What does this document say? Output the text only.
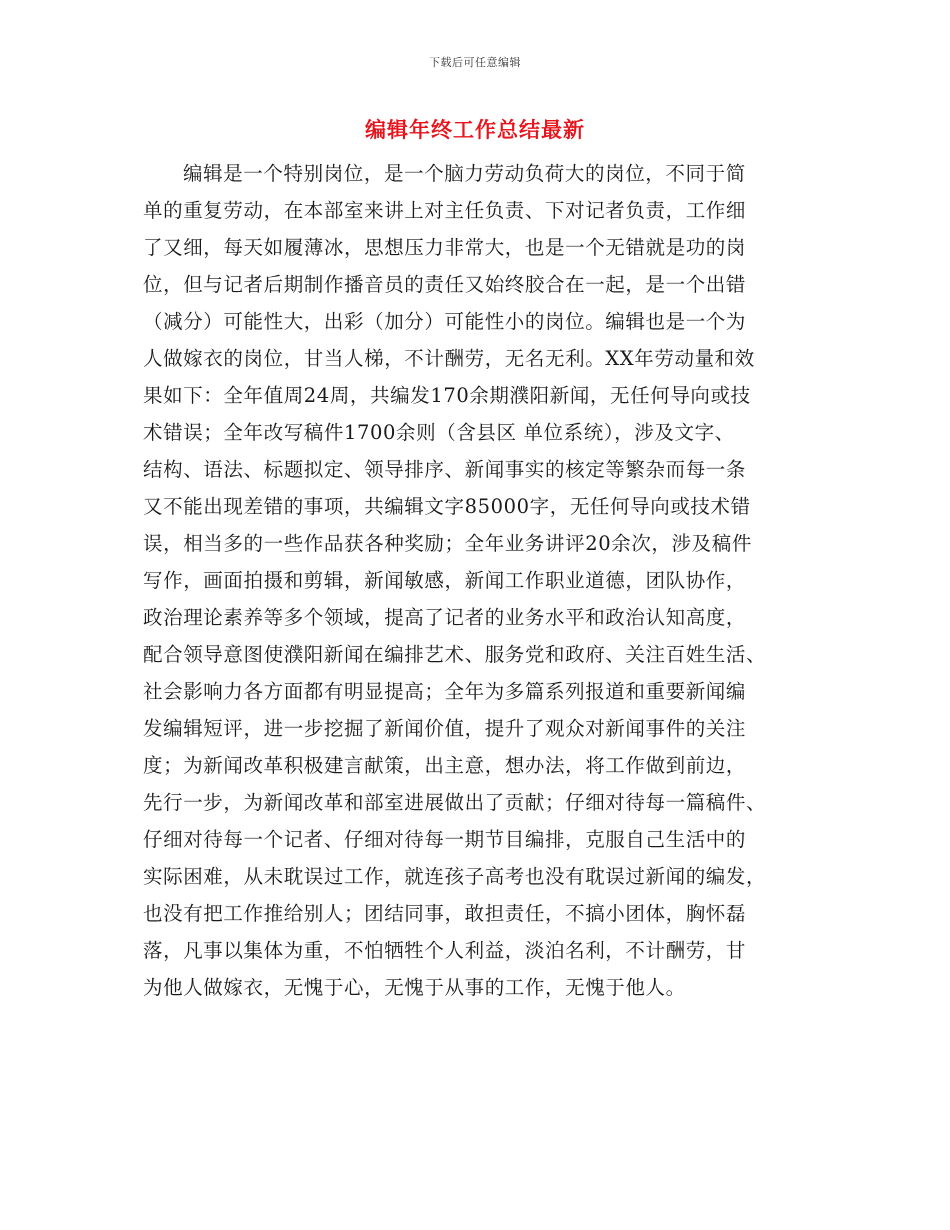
下载后可任意编辑
编辑年终工作总结最新
编辑是一个特别岗位，是一个脑力劳动负荷大的岗位，不同于简
单的重复劳动，在本部室来讲上对主任负责、下对记者负责，工作细
了又细，每天如履薄冰，思想压力非常大，也是一个无错就是功的岗
位，但与记者后期制作播音员的责任又始终胶合在一起，是一个出错
（减分）可能性大，出彩（加分）可能性小的岗位。编辑也是一个为
人做嫁衣的岗位，甘当人梯，不计酬劳，无名无利。XX年劳动量和效
果如下：全年值周24周，共编发170余期濮阳新闻，无任何导向或技
术错误；全年改写稿件1700余则（含县区 单位系统），涉及文字、
结构、语法、标题拟定、领导排序、新闻事实的核定等繁杂而每一条
又不能出现差错的事项，共编辑文字85000字，无任何导向或技术错
误，相当多的一些作品获各种奖励；全年业务讲评20余次，涉及稿件
写作，画面拍摄和剪辑，新闻敏感，新闻工作职业道德，团队协作，
政治理论素养等多个领域，提高了记者的业务水平和政治认知高度，
配合领导意图使濮阳新闻在编排艺术、服务党和政府、关注百姓生活、
社会影响力各方面都有明显提高；全年为多篇系列报道和重要新闻编
发编辑短评，进一步挖掘了新闻价值，提升了观众对新闻事件的关注
度；为新闻改革积极建言献策，出主意，想办法，将工作做到前边，
先行一步，为新闻改革和部室进展做出了贡献；仔细对待每一篇稿件、
仔细对待每一个记者、仔细对待每一期节目编排，克服自己生活中的
实际困难，从未耽误过工作，就连孩子高考也没有耽误过新闻的编发，
也没有把工作推给别人；团结同事，敢担责任，不搞小团体，胸怀磊
落，凡事以集体为重，不怕牺牲个人利益，淡泊名利，不计酬劳，甘
为他人做嫁衣，无愧于心，无愧于从事的工作，无愧于他人。
